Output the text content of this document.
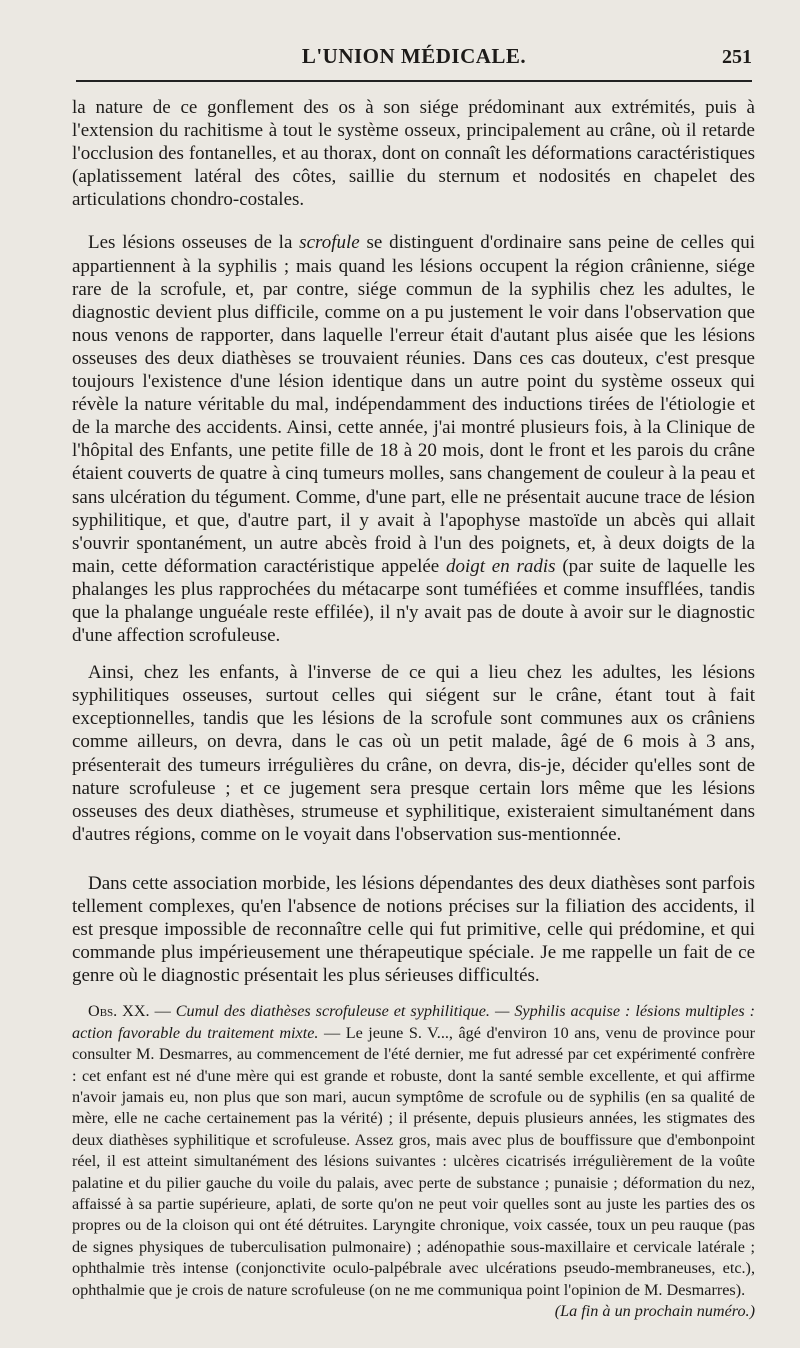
L'UNION MÉDICALE.	251

la nature de ce gonflement des os à son siége prédominant aux extrémités, puis à l'extension du rachitisme à tout le système osseux, principalement au crâne, où il retarde l'occlusion des fontanelles, et au thorax, dont on connaît les déformations caractéristiques (aplatissement latéral des côtes, saillie du sternum et nodosités en chapelet des articulations chondro-costales.

Les lésions osseuses de la scrofule se distinguent d'ordinaire sans peine de celles qui appartiennent à la syphilis ; mais quand les lésions occupent la région crânienne, siége rare de la scrofule, et, par contre, siége commun de la syphilis chez les adultes, le diagnostic devient plus difficile, comme on a pu justement le voir dans l'observation que nous venons de rapporter, dans laquelle l'erreur était d'autant plus aisée que les lésions osseuses des deux diathèses se trouvaient réunies. Dans ces cas douteux, c'est presque toujours l'existence d'une lésion identique dans un autre point du système osseux qui révèle la nature véritable du mal, indépendamment des inductions tirées de l'étiologie et de la marche des accidents. Ainsi, cette année, j'ai montré plusieurs fois, à la Clinique de l'hôpital des Enfants, une petite fille de 18 à 20 mois, dont le front et les parois du crâne étaient couverts de quatre à cinq tumeurs molles, sans changement de couleur à la peau et sans ulcération du tégument. Comme, d'une part, elle ne présentait aucune trace de lésion syphilitique, et que, d'autre part, il y avait à l'apophyse mastoïde un abcès qui allait s'ouvrir spontanément, un autre abcès froid à l'un des poignets, et, à deux doigts de la main, cette déformation caractéristique appelée doigt en radis (par suite de laquelle les phalanges les plus rapprochées du métacarpe sont tuméfiées et comme insufflées, tandis que la phalange unguéale reste effilée), il n'y avait pas de doute à avoir sur le diagnostic d'une affection scrofuleuse.

Ainsi, chez les enfants, à l'inverse de ce qui a lieu chez les adultes, les lésions syphilitiques osseuses, surtout celles qui siégent sur le crâne, étant tout à fait exceptionnelles, tandis que les lésions de la scrofule sont communes aux os crâniens comme ailleurs, on devra, dans le cas où un petit malade, âgé de 6 mois à 3 ans, présenterait des tumeurs irrégulières du crâne, on devra, dis-je, décider qu'elles sont de nature scrofuleuse ; et ce jugement sera presque certain lors même que les lésions osseuses des deux diathèses, strumeuse et syphilitique, existeraient simultanément dans d'autres régions, comme on le voyait dans l'observation sus-mentionnée.

Dans cette association morbide, les lésions dépendantes des deux diathèses sont parfois tellement complexes, qu'en l'absence de notions précises sur la filiation des accidents, il est presque impossible de reconnaître celle qui fut primitive, celle qui prédomine, et qui commande plus impérieusement une thérapeutique spéciale. Je me rappelle un fait de ce genre où le diagnostic présentait les plus sérieuses difficultés.

Obs. XX. — Cumul des diathèses scrofuleuse et syphilitique. — Syphilis acquise : lésions multiples : action favorable du traitement mixte. — Le jeune S. V..., âgé d'environ 10 ans, venu de province pour consulter M. Desmarres, au commencement de l'été dernier, me fut adressé par cet expérimenté confrère : cet enfant est né d'une mère qui est grande et robuste, dont la santé semble excellente, et qui affirme n'avoir jamais eu, non plus que son mari, aucun symptôme de scrofule ou de syphilis (en sa qualité de mère, elle ne cache certainement pas la vérité) ; il présente, depuis plusieurs années, les stigmates des deux diathèses syphilitique et scrofuleuse. Assez gros, mais avec plus de bouffissure que d'embonpoint réel, il est atteint simultanément des lésions suivantes : ulcères cicatrisés irrégulièrement de la voûte palatine et du pilier gauche du voile du palais, avec perte de substance ; punaisie ; déformation du nez, affaissé à sa partie supérieure, aplati, de sorte qu'on ne peut voir quelles sont au juste les parties des os propres ou de la cloison qui ont été détruites. Laryngite chronique, voix cassée, toux un peu rauque (pas de signes physiques de tuberculisation pulmonaire) ; adénopathie sous-maxillaire et cervicale latérale ; ophthalmie très intense (conjonctivite oculo-palpébrale avec ulcérations pseudo-membraneuses, etc.), ophthalmie que je crois de nature scrofuleuse (on ne me communiqua point l'opinion de M. Desmarres).
(La fin à un prochain numéro.)
